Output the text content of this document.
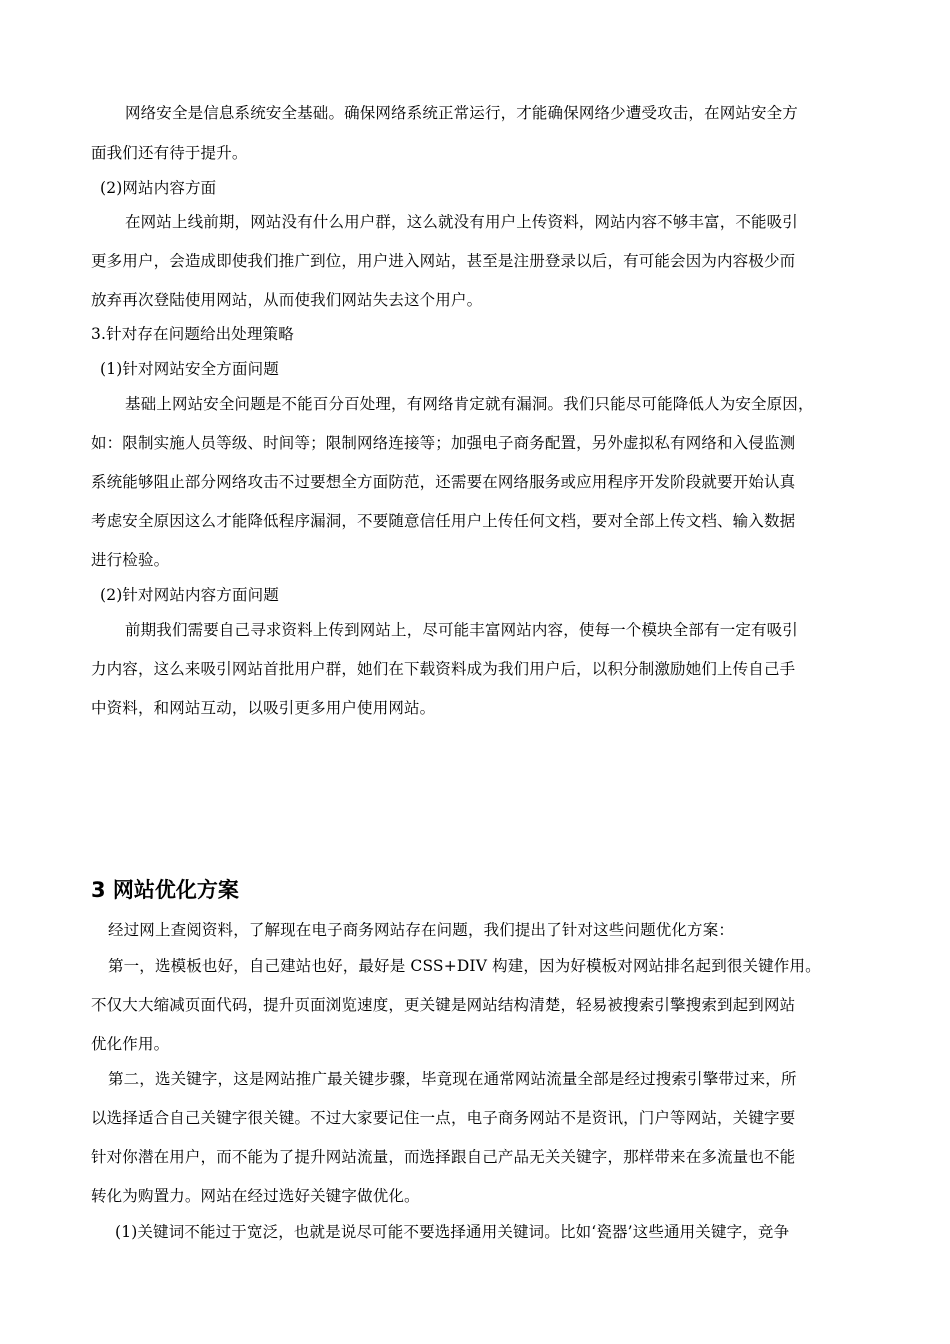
网络安全是信息系统安全基础。确保网络系统正常运行，才能确保网络少遭受攻击，在网站安全方
面我们还有待于提升。
(2)网站内容方面
在网站上线前期，网站没有什么用户群，这么就没有用户上传资料，网站内容不够丰富，不能吸引
更多用户，会造成即使我们推广到位，用户进入网站，甚至是注册登录以后，有可能会因为内容极少而
放弃再次登陆使用网站，从而使我们网站失去这个用户。
3.针对存在问题给出处理策略
(1)针对网站安全方面问题
基础上网站安全问题是不能百分百处理，有网络肯定就有漏洞。我们只能尽可能降低人为安全原因，
如：限制实施人员等级、时间等；限制网络连接等；加强电子商务配置，另外虚拟私有网络和入侵监测
系统能够阻止部分网络攻击不过要想全方面防范，还需要在网络服务或应用程序开发阶段就要开始认真
考虑安全原因这么才能降低程序漏洞，不要随意信任用户上传任何文档，要对全部上传文档、输入数据
进行检验。
(2)针对网站内容方面问题
前期我们需要自己寻求资料上传到网站上，尽可能丰富网站内容，使每一个模块全部有一定有吸引
力内容，这么来吸引网站首批用户群，她们在下载资料成为我们用户后，以积分制激励她们上传自己手
中资料，和网站互动，以吸引更多用户使用网站。
3 网站优化方案
经过网上查阅资料，了解现在电子商务网站存在问题，我们提出了针对这些问题优化方案：
第一，选模板也好，自己建站也好，最好是 CSS+DIV 构建，因为好模板对网站排名起到很关键作用。
不仅大大缩减页面代码，提升页面浏览速度，更关键是网站结构清楚，轻易被搜索引擎搜索到起到网站
优化作用。
第二，选关键字，这是网站推广最关键步骤，毕竟现在通常网站流量全部是经过搜索引擎带过来，所
以选择适合自己关键字很关键。不过大家要记住一点，电子商务网站不是资讯，门户等网站，关键字要
针对你潜在用户，而不能为了提升网站流量，而选择跟自己产品无关关键字，那样带来在多流量也不能
转化为购置力。网站在经过选好关键字做优化。
(1)关键词不能过于宽泛，也就是说尽可能不要选择通用关键词。比如‘瓷器’这些通用关键字，竞争
